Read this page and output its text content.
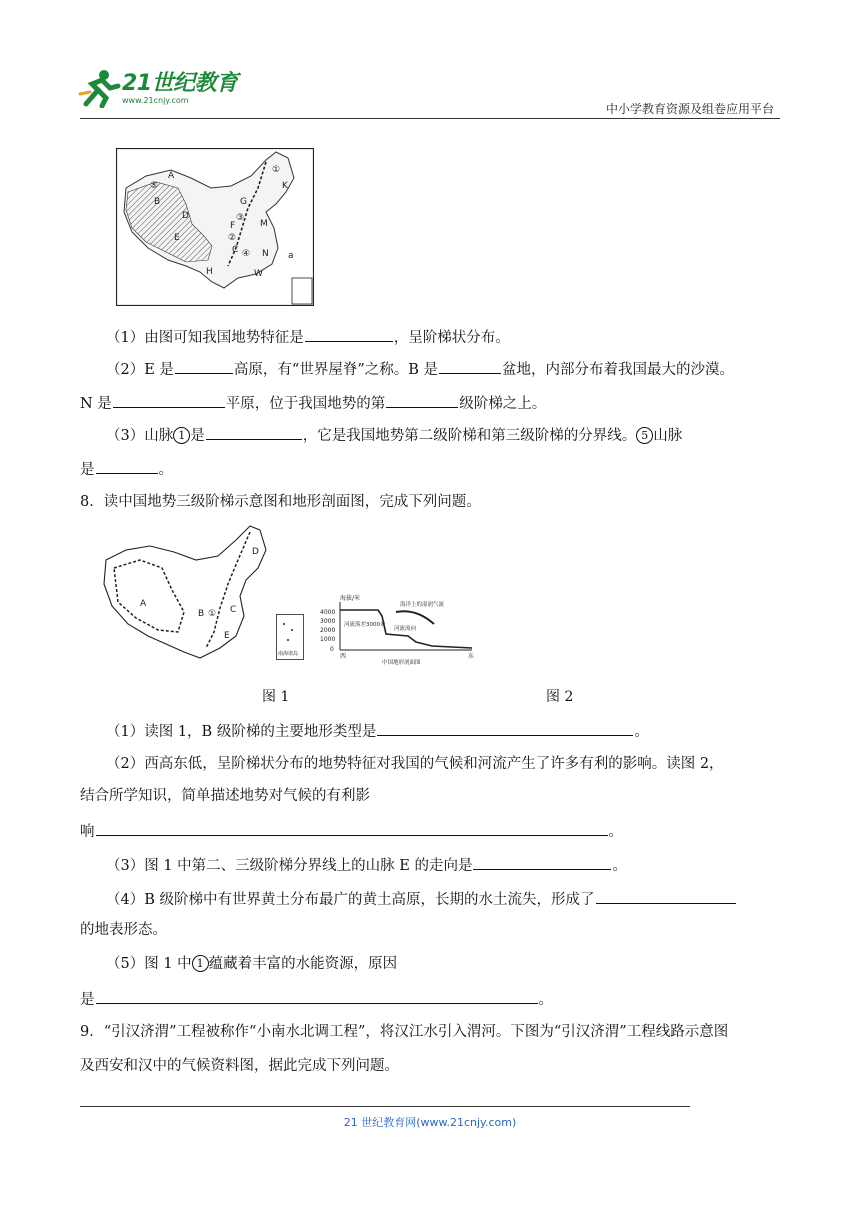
21世纪教育
www.21cnjy.com
中小学教育资源及组卷应用平台
A
B
D
E
H
K
G
F	M
C	N
W
a
①
②
③
④
⑤
（1）由图可知我国地势特征是	，呈阶梯状分布。
（2）E 是	高原，有“世界屋脊”之称。B 是	盆地，内部分布着我国最大的沙漠。
N 是	平原，位于我国地势的第	级阶梯之上。
（3）山脉 1 是	，它是我国地势第二级阶梯和第三级阶梯的分界线。 5 山脉
是	。
8．读中国地势三级阶梯示意图和地形剖面图，完成下列问题。
A
B	C
D
E
①
南海诸岛
海拔/米
4000
3000
2000
1000
0
河流落差3000米
海洋上的湿润气流
河流流向
西	东
中国地形剖面图
图 1	图 2
（1）读图 1，B 级阶梯的主要地形类型是	。
（2）西高东低，呈阶梯状分布的地势特征对我国的气候和河流产生了许多有利的影响。读图 2，
结合所学知识，简单描述地势对气候的有利影
响	。
（3）图 1 中第二、三级阶梯分界线上的山脉 E 的走向是	。
（4）B 级阶梯中有世界黄土分布最广的黄土高原，长期的水土流失，形成了
的地表形态。
（5）图 1 中 1 蕴藏着丰富的水能资源，原因
是	。
9．“引汉济渭”工程被称作“小南水北调工程”，将汉江水引入渭河。下图为“引汉济渭”工程线路示意图
及西安和汉中的气候资料图，据此完成下列问题。
21 世纪教育网(www.21cnjy.com)
